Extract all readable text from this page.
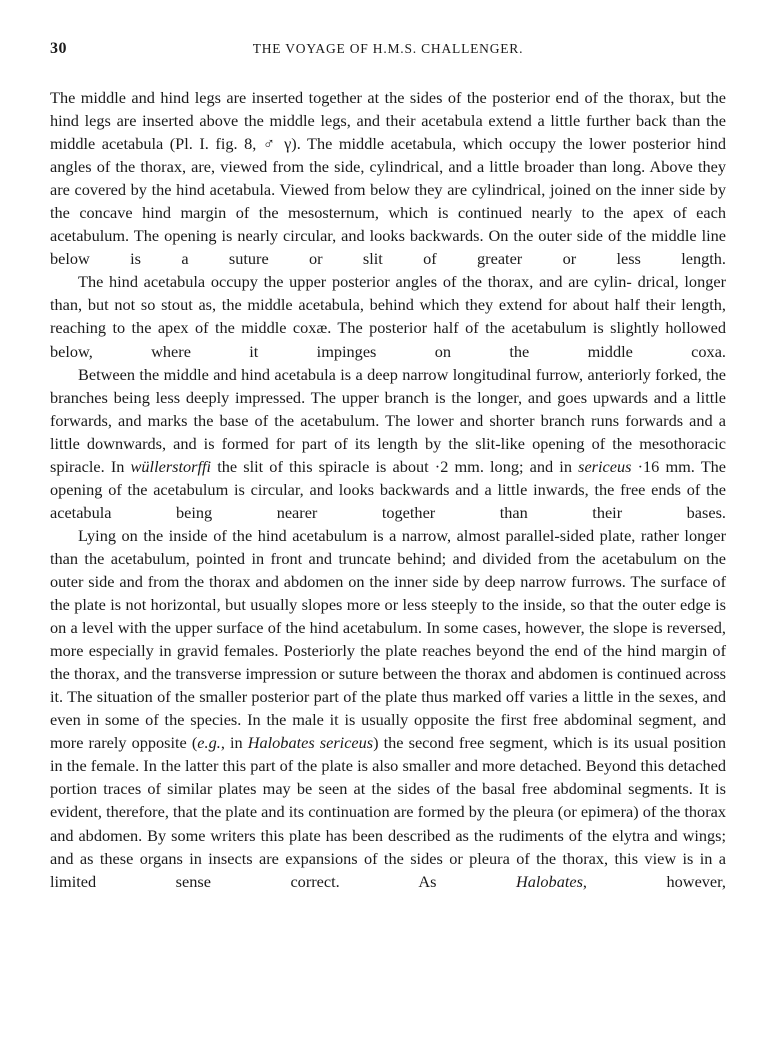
30	THE VOYAGE OF H.M.S. CHALLENGER.

The middle and hind legs are inserted together at the sides of the posterior end of the thorax, but the hind legs are inserted above the middle legs, and their acetabula extend a little further back than the middle acetabula (Pl. I. fig. 8, ♂ γ). The middle acetabula, which occupy the lower posterior hind angles of the thorax, are, viewed from the side, cylindrical, and a little broader than long. Above they are covered by the hind acetabula. Viewed from below they are cylindrical, joined on the inner side by the concave hind margin of the mesosternum, which is continued nearly to the apex of each acetabulum. The opening is nearly circular, and looks backwards. On the outer side of the middle line below is a suture or slit of greater or less length.

The hind acetabula occupy the upper posterior angles of the thorax, and are cylin- drical, longer than, but not so stout as, the middle acetabula, behind which they extend for about half their length, reaching to the apex of the middle coxæ. The posterior half of the acetabulum is slightly hollowed below, where it impinges on the middle coxa.

Between the middle and hind acetabula is a deep narrow longitudinal furrow, anteriorly forked, the branches being less deeply impressed. The upper branch is the longer, and goes upwards and a little forwards, and marks the base of the acetabulum. The lower and shorter branch runs forwards and a little downwards, and is formed for part of its length by the slit-like opening of the mesothoracic spiracle. In wüllerstorffi the slit of this spiracle is about ·2 mm. long; and in sericeus ·16 mm. The opening of the acetabulum is circular, and looks backwards and a little inwards, the free ends of the acetabula being	nearer together than their bases.

Lying on the inside of the hind acetabulum is a narrow, almost parallel-sided plate, rather longer than the acetabulum, pointed in front and truncate behind; and divided from the acetabulum on the outer side and from the thorax and abdomen on the inner side by deep narrow furrows. The surface of the plate is not horizontal, but usually slopes more or less steeply to the inside, so that the outer edge is on a level with the upper surface of the hind acetabulum. In some cases, however, the slope is reversed, more especially in gravid females. Posteriorly the plate reaches beyond the end of the hind margin of the thorax, and the transverse impression or suture between the thorax and abdomen is continued across it. The situation of the smaller posterior part of the plate thus marked off varies a little in the sexes, and even in some of the species. In the male it is usually opposite the first free abdominal segment, and more rarely opposite (e.g., in Halobates sericeus) the second free segment, which is its usual position in the female. In the latter this part of the plate is also smaller and more detached. Beyond this detached portion traces of similar plates may be seen at the sides of the basal free abdominal segments. It is evident, therefore, that the plate and its continuation are formed by the pleura (or epimera) of the thorax and abdomen. By some writers this plate has been described as the rudiments of the elytra and wings; and as these organs in insects are expansions of the sides or pleura of the thorax, this view is in a limited sense correct. As Halobates, however,
